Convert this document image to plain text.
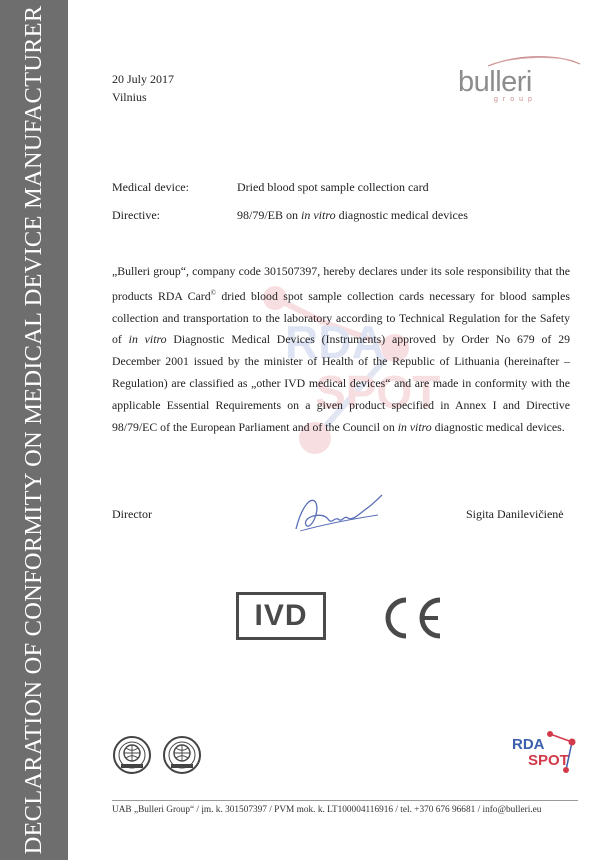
DECLARATION OF CONFORMITY ON MEDICAL DEVICE MANUFACTURER	20 July 2017
Vilnius	bulleri
group
Medical device:	Dried blood spot sample collection card
Directive:	98/79/EB on in vitro diagnostic medical devices
RDA
SPOT

„Bulleri group“, company code 301507397, hereby declares under its sole responsibility that the products RDA Card© dried blood spot sample collection cards necessary for blood samples collection and transportation to the laboratory according to Technical Regulation for the Safety of in vitro Diagnostic Medical Devices (Instruments) approved by Order No 679 of 29 December 2001 issued by the minister of Health of the Republic of Lithuania (hereinafter – Regulation) are classified as „other IVD medical devices“ and are made in conformity with the applicable Essential Requirements on a given product specified in Annex I and Directive 98/79/EC of the European Parliament and of the Council on in vitro diagnostic medical devices.

Director	Sigita Danilevičienė
IVD
RDA
SPOT
UAB „Bulleri Group“ / įm. k. 301507397 / PVM mok. k. LT100004116916 / tel. +370 676 96681 / info@bulleri.eu
